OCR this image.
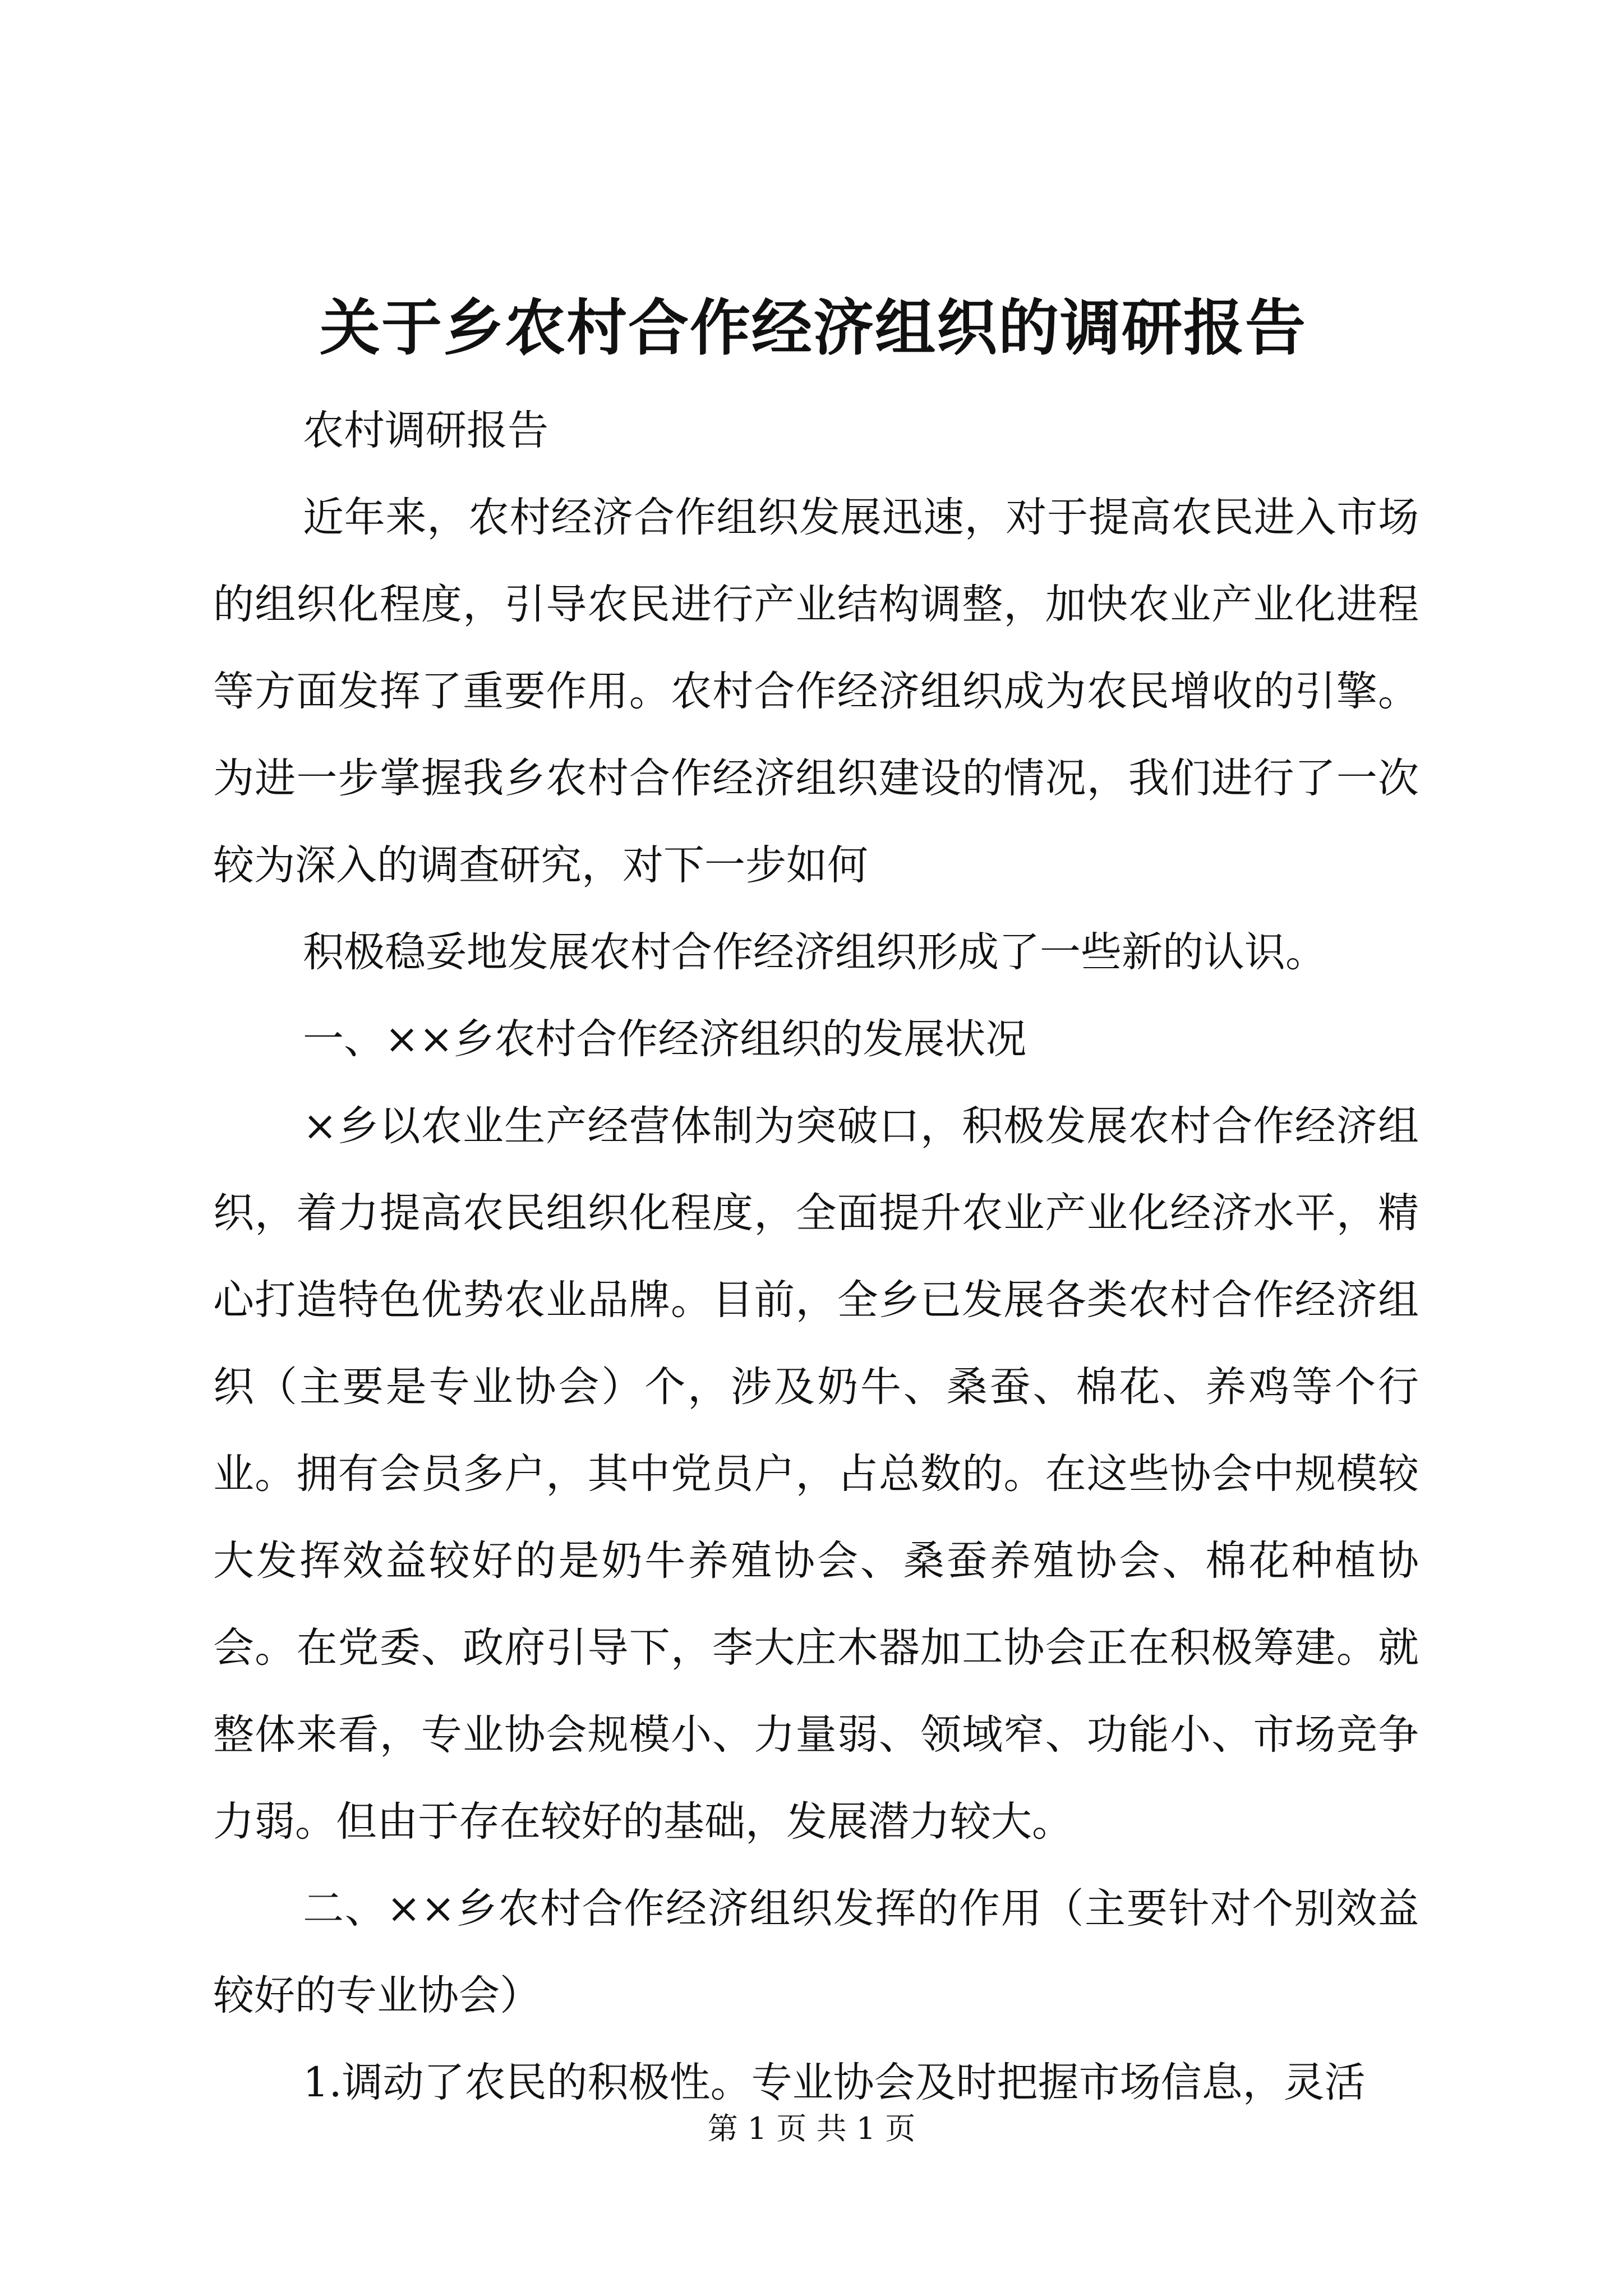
关于乡农村合作经济组织的调研报告

农村调研报告

近年来，农村经济合作组织发展迅速，对于提高农民进入市场的组织化程度，引导农民进行产业结构调整，加快农业产业化进程等方面发挥了重要作用。农村合作经济组织成为农民增收的引擎。为进一步掌握我乡农村合作经济组织建设的情况，我们进行了一次较为深入的调查研究，对下一步如何

积极稳妥地发展农村合作经济组织形成了一些新的认识。

一、××乡农村合作经济组织的发展状况

×乡以农业生产经营体制为突破口，积极发展农村合作经济组织，着力提高农民组织化程度，全面提升农业产业化经济水平，精心打造特色优势农业品牌。目前，全乡已发展各类农村合作经济组织（主要是专业协会）个，涉及奶牛、桑蚕、棉花、养鸡等个行业。拥有会员多户，其中党员户，占总数的。在这些协会中规模较大发挥效益较好的是奶牛养殖协会、桑蚕养殖协会、棉花种植协会。在党委、政府引导下，李大庄木器加工协会正在积极筹建。就整体来看，专业协会规模小、力量弱、领域窄、功能小、市场竞争力弱。但由于存在较好的基础，发展潜力较大。

二、××乡农村合作经济组织发挥的作用（主要针对个别效益较好的专业协会）

1.调动了农民的积极性。专业协会及时把握市场信息，灵活

第 1 页 共 1 页
